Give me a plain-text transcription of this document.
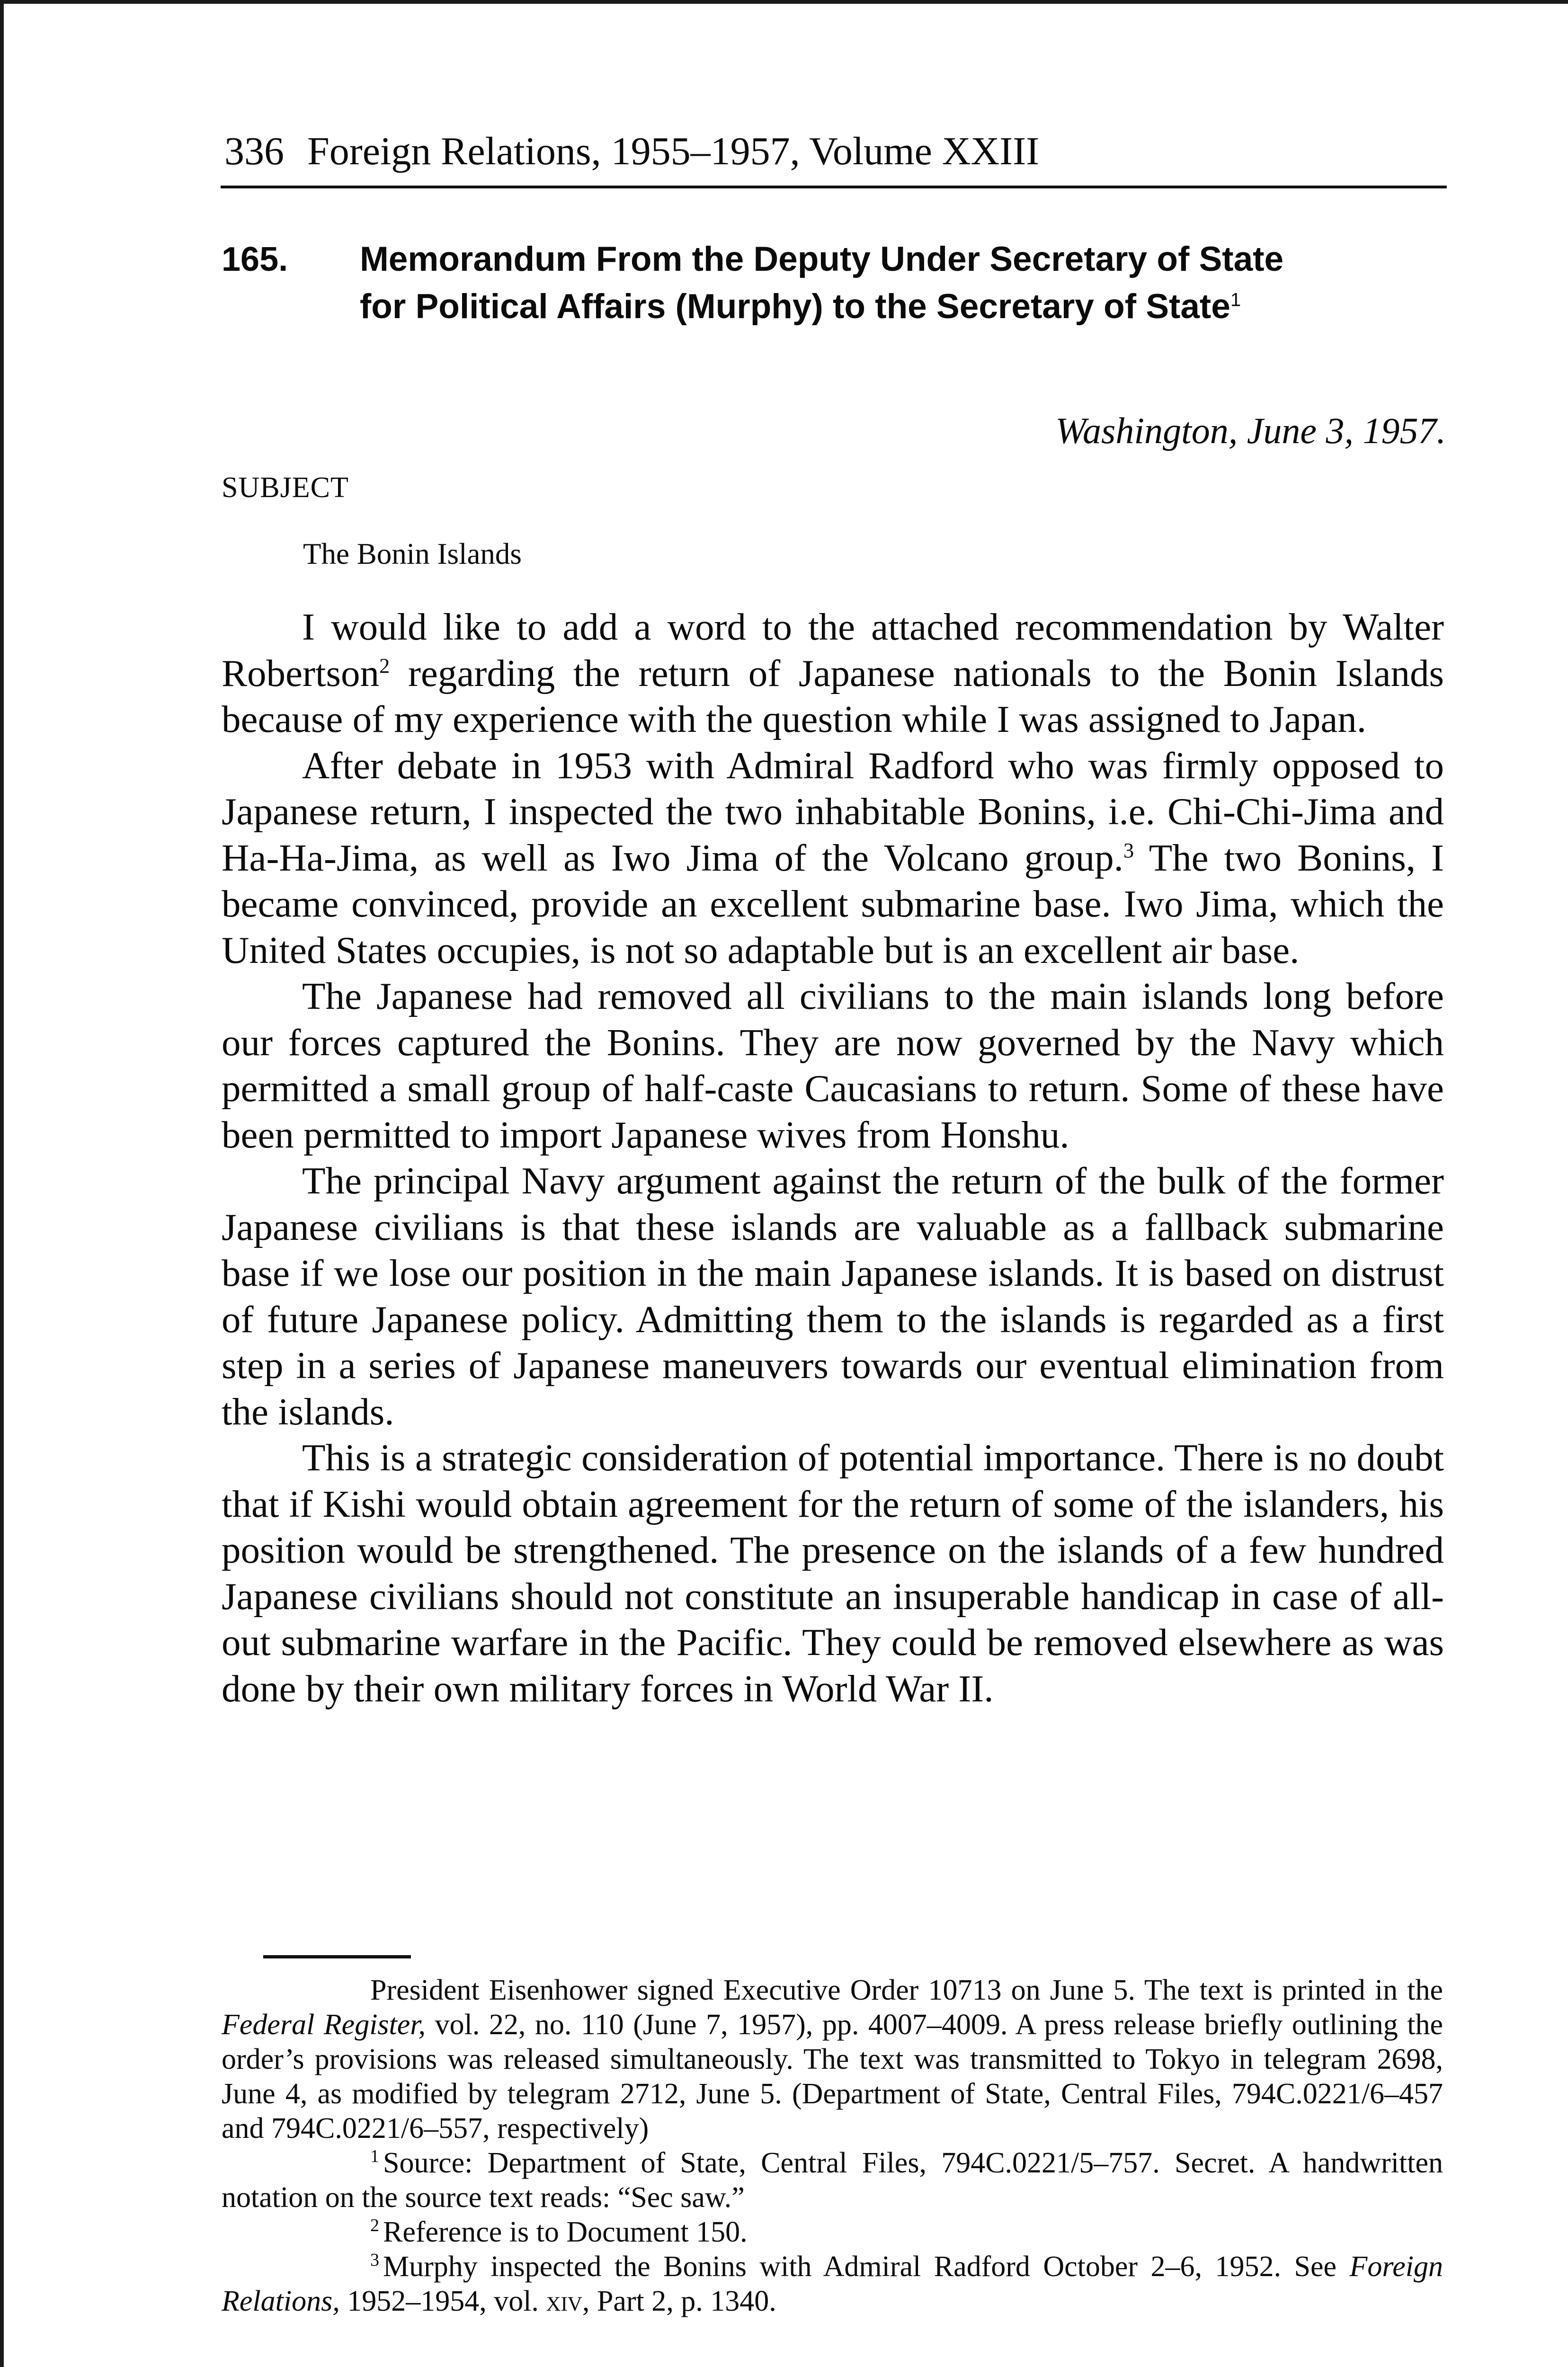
336 Foreign Relations, 1955–1957, Volume XXIII
165. Memorandum From the Deputy Under Secretary of State
for Political Affairs (Murphy) to the Secretary of State$^1$
Washington, June 3, 1957.
SUBJECT
The Bonin Islands

I would like to add a word to the attached recommendation by Walter Robertson$^2$ regarding the return of Japanese nationals to the Bonin Islands because of my experience with the question while I was assigned to Japan.

After debate in 1953 with Admiral Radford who was firmly opposed to Japanese return, I inspected the two inhabitable Bonins, i.e. Chi-Chi-Jima and Ha-Ha-Jima, as well as Iwo Jima of the Volcano group.$^3$ The two Bonins, I became convinced, provide an excellent submarine base. Iwo Jima, which the United States occupies, is not so adaptable but is an excellent air base.

The Japanese had removed all civilians to the main islands long before our forces captured the Bonins. They are now governed by the Navy which permitted a small group of half-caste Caucasians to return. Some of these have been permitted to import Japanese wives from Honshu.

The principal Navy argument against the return of the bulk of the former Japanese civilians is that these islands are valuable as a fallback submarine base if we lose our position in the main Japanese islands. It is based on distrust of future Japanese policy. Admitting them to the islands is regarded as a first step in a series of Japanese maneuvers towards our eventual elimination from the islands.

This is a strategic consideration of potential importance. There is no doubt that if Kishi would obtain agreement for the return of some of the islanders, his position would be strengthened. The presence on the islands of a few hundred Japanese civilians should not constitute an insuperable handicap in case of all-out submarine warfare in the Pacific. They could be removed elsewhere as was done by their own military forces in World War II.

President Eisenhower signed Executive Order 10713 on June 5. The text is printed in the Federal Register, vol. 22, no. 110 (June 7, 1957), pp. 4007–4009. A press release briefly outlining the order’s provisions was released simultaneously. The text was transmitted to Tokyo in telegram 2698, June 4, as modified by telegram 2712, June 5. (Department of State, Central Files, 794C.0221/6–457 and 794C.0221/6–557, respectively)

$^1$ Source: Department of State, Central Files, 794C.0221/5–757. Secret. A handwritten notation on the source text reads: “Sec saw.”

$^2$ Reference is to Document 150.

$^3$ Murphy inspected the Bonins with Admiral Radford October 2–6, 1952. See Foreign Relations, 1952–1954, vol. xiv, Part 2, p. 1340.
